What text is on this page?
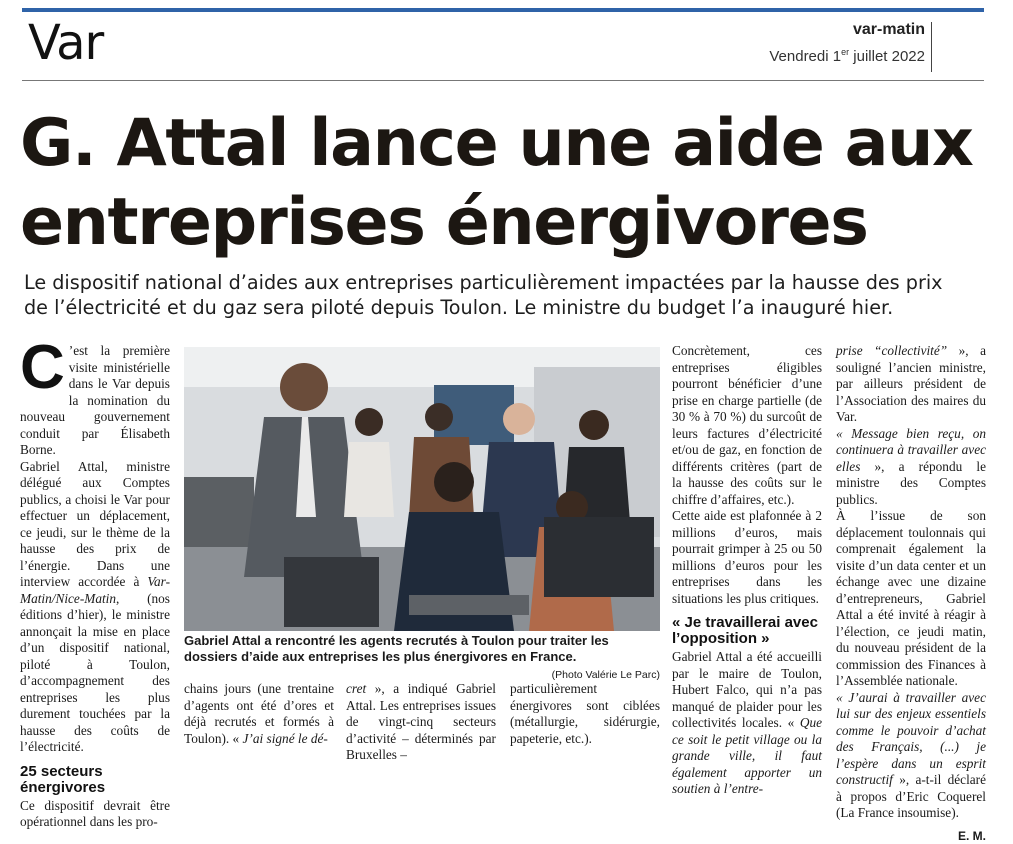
Var	var-matin
Vendredi 1er juillet 2022
G. Attal lance une aide aux
entreprises énergivores
Le dispositif national d’aides aux entreprises particulièrement impactées par la hausse des prix
de l’électricité et du gaz sera piloté depuis Toulon. Le ministre du budget l’a inauguré hier.

C ’est la première visite ministérielle dans le Var depuis la nomination du nouveau gouvernement conduit par Élisabeth Borne.

Gabriel Attal, ministre délégué aux Comptes publics, a choisi le Var pour effectuer un déplacement, ce jeudi, sur le thème de la hausse des prix de l’énergie. Dans une interview accordée à Var-Matin/Nice-Matin, (nos éditions d’hier), le ministre annonçait la mise en place d’un dispositif national, piloté à Toulon, d’accompagnement des entreprises les plus durement touchées par la hausse des coûts de l’électricité.

25 secteurs énergivores

Ce dispositif devrait être opérationnel dans les pro-

Gabriel Attal a rencontré les agents recrutés à Toulon pour traiter les dossiers d’aide aux entreprises les plus énergivores en France.
(Photo Valérie Le Parc)

chains jours (une trentaine d’agents ont été d’ores et déjà recrutés et formés à Toulon). « J’ai signé le dé-

cret », a indiqué Gabriel Attal. Les entreprises issues de vingt-cinq secteurs d’activité – déterminés par Bruxelles –

particulièrement énergivores sont ciblées (métallurgie, sidérurgie, papeterie, etc.).

Concrètement, ces entreprises éligibles pourront bénéficier d’une prise en charge partielle (de 30 % à 70 %) du surcoût de leurs factures d’électricité et/ou de gaz, en fonction de différents critères (part de la hausse des coûts sur le chiffre d’affaires, etc.).

Cette aide est plafonnée à 2 millions d’euros, mais pourrait grimper à 25 ou 50 millions d’euros pour les entreprises dans les situations les plus critiques.

« Je travaillerai avec l’opposition »

Gabriel Attal a été accueilli par le maire de Toulon, Hubert Falco, qui n’a pas manqué de plaider pour les collectivités locales. « Que ce soit le petit village ou la grande ville, il faut également apporter un soutien à l’entre-

prise “collectivité” », a souligné l’ancien ministre, par ailleurs président de l’Association des maires du Var.

« Message bien reçu, on continuera à travailler avec elles », a répondu le ministre des Comptes publics.

À l’issue de son déplacement toulonnais qui comprenait également la visite d’un data center et un échange avec une dizaine d’entrepreneurs, Gabriel Attal a été invité à réagir à l’élection, ce jeudi matin, du nouveau président de la commission des Finances à l’Assemblée nationale.

« J’aurai à travailler avec lui sur des enjeux essentiels comme le pouvoir d’achat des Français, (...) je l’espère dans un esprit constructif », a-t-il déclaré à propos d’Eric Coquerel (La France insoumise).

E. M.
